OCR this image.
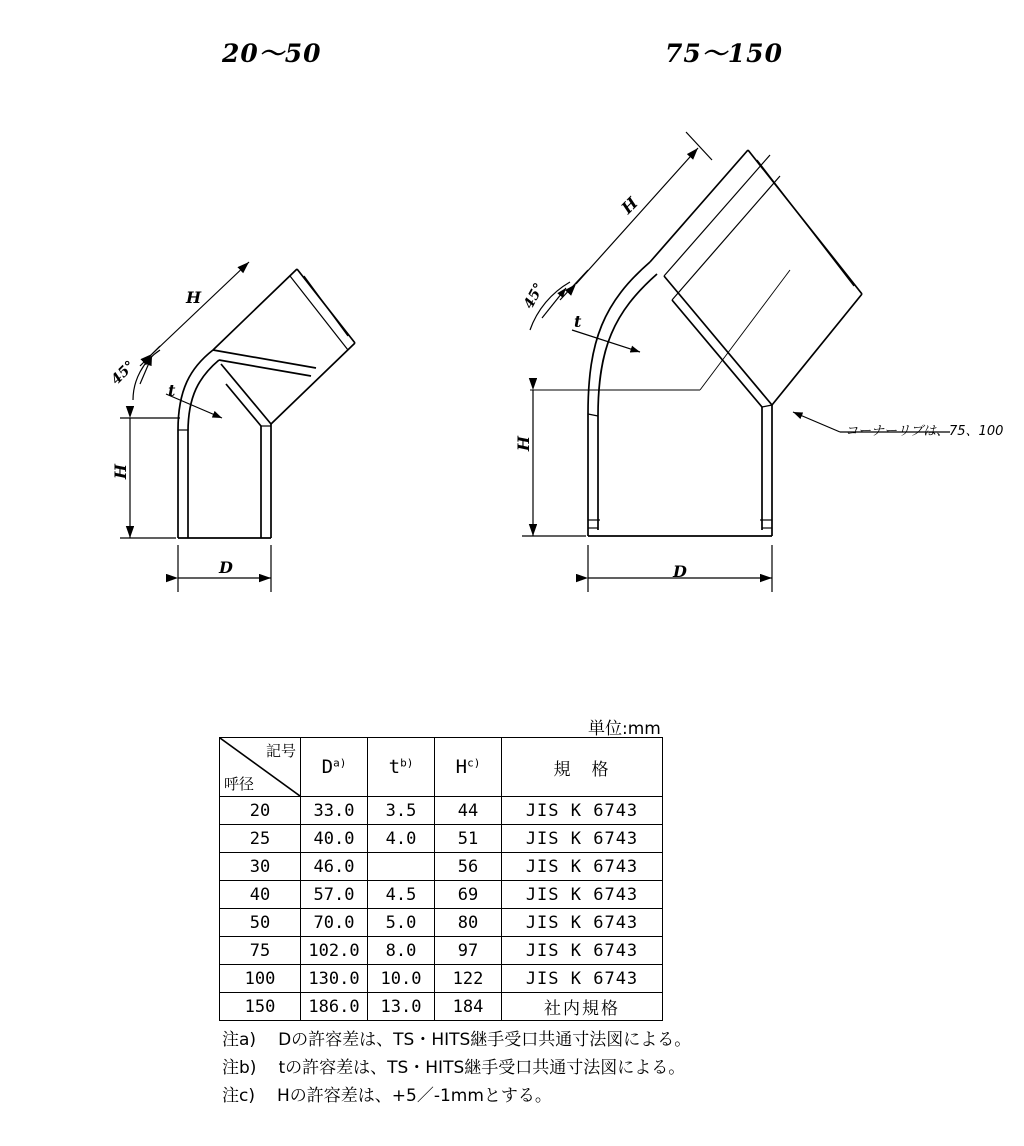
20〜50	75〜150
H
45°
t
H
D
H
45°
t
H
D
コーナーリブは、75、100
単位:mm
記号
呼径	$D^{a)}$	$t^{b)}$	$H^{c)}$	規　格
20	33.0	3.5	44	JIS K 6743
25	40.0	4.0	51	JIS K 6743
30	46.0		56	JIS K 6743
40	57.0	4.5	69	JIS K 6743
50	70.0	5.0	80	JIS K 6743
75	102.0	8.0	97	JIS K 6743
100	130.0	10.0	122	JIS K 6743
150	186.0	13.0	184	社内規格
注a) Dの許容差は、TS・HITS継手受口共通寸法図による。
注b) tの許容差は、TS・HITS継手受口共通寸法図による。
注c) Hの許容差は、+5／-1mmとする。
